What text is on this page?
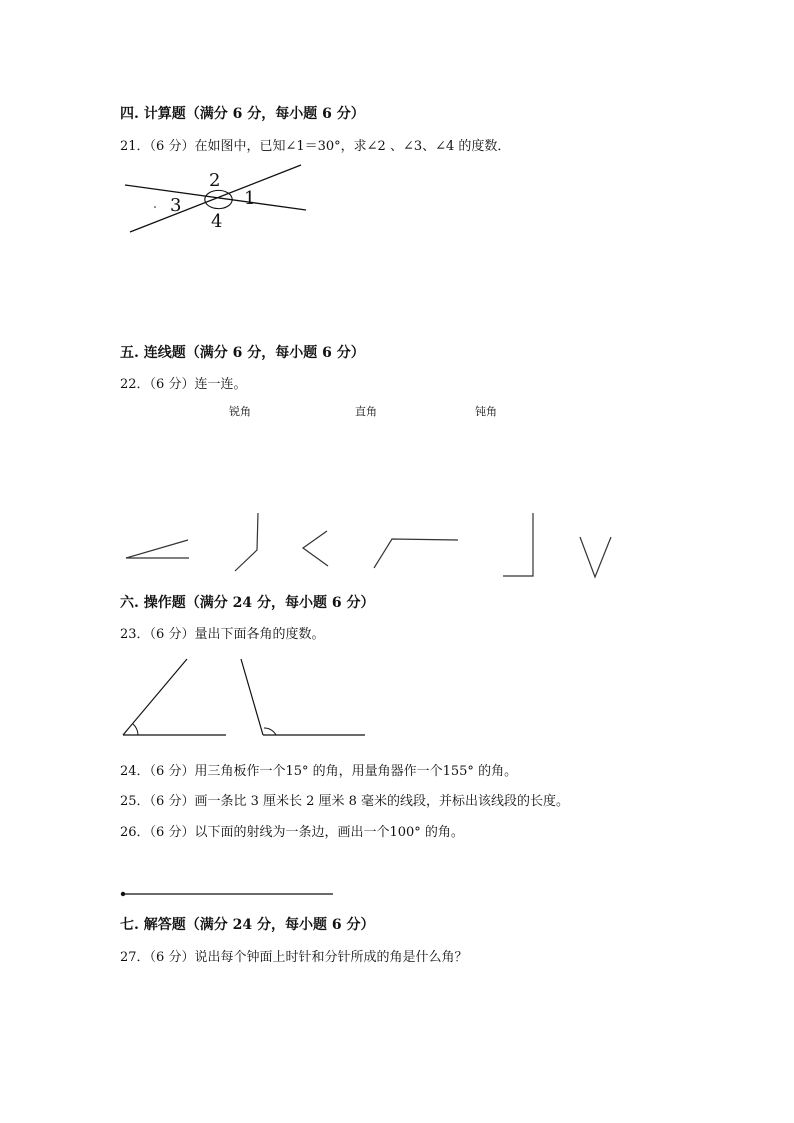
四. 计算题（满分 6 分，每小题 6 分）
21．（6 分）在如图中，已知∠1＝30°，求∠2 、∠3、∠4 的度数．
2
1
3
4
五. 连线题（满分 6 分，每小题 6 分）
22．（6 分）连一连。
锐角	直角	钝角
六. 操作题（满分 24 分，每小题 6 分）
23．（6 分）量出下面各角的度数。
24．（6 分）用三角板作一个15° 的角，用量角器作一个155° 的角。
25．（6 分）画一条比 3 厘米长 2 厘米 8 毫米的线段，并标出该线段的长度。
26．（6 分）以下面的射线为一条边，画出一个100° 的角。
七. 解答题（满分 24 分，每小题 6 分）
27．（6 分）说出每个钟面上时针和分针所成的角是什么角？
